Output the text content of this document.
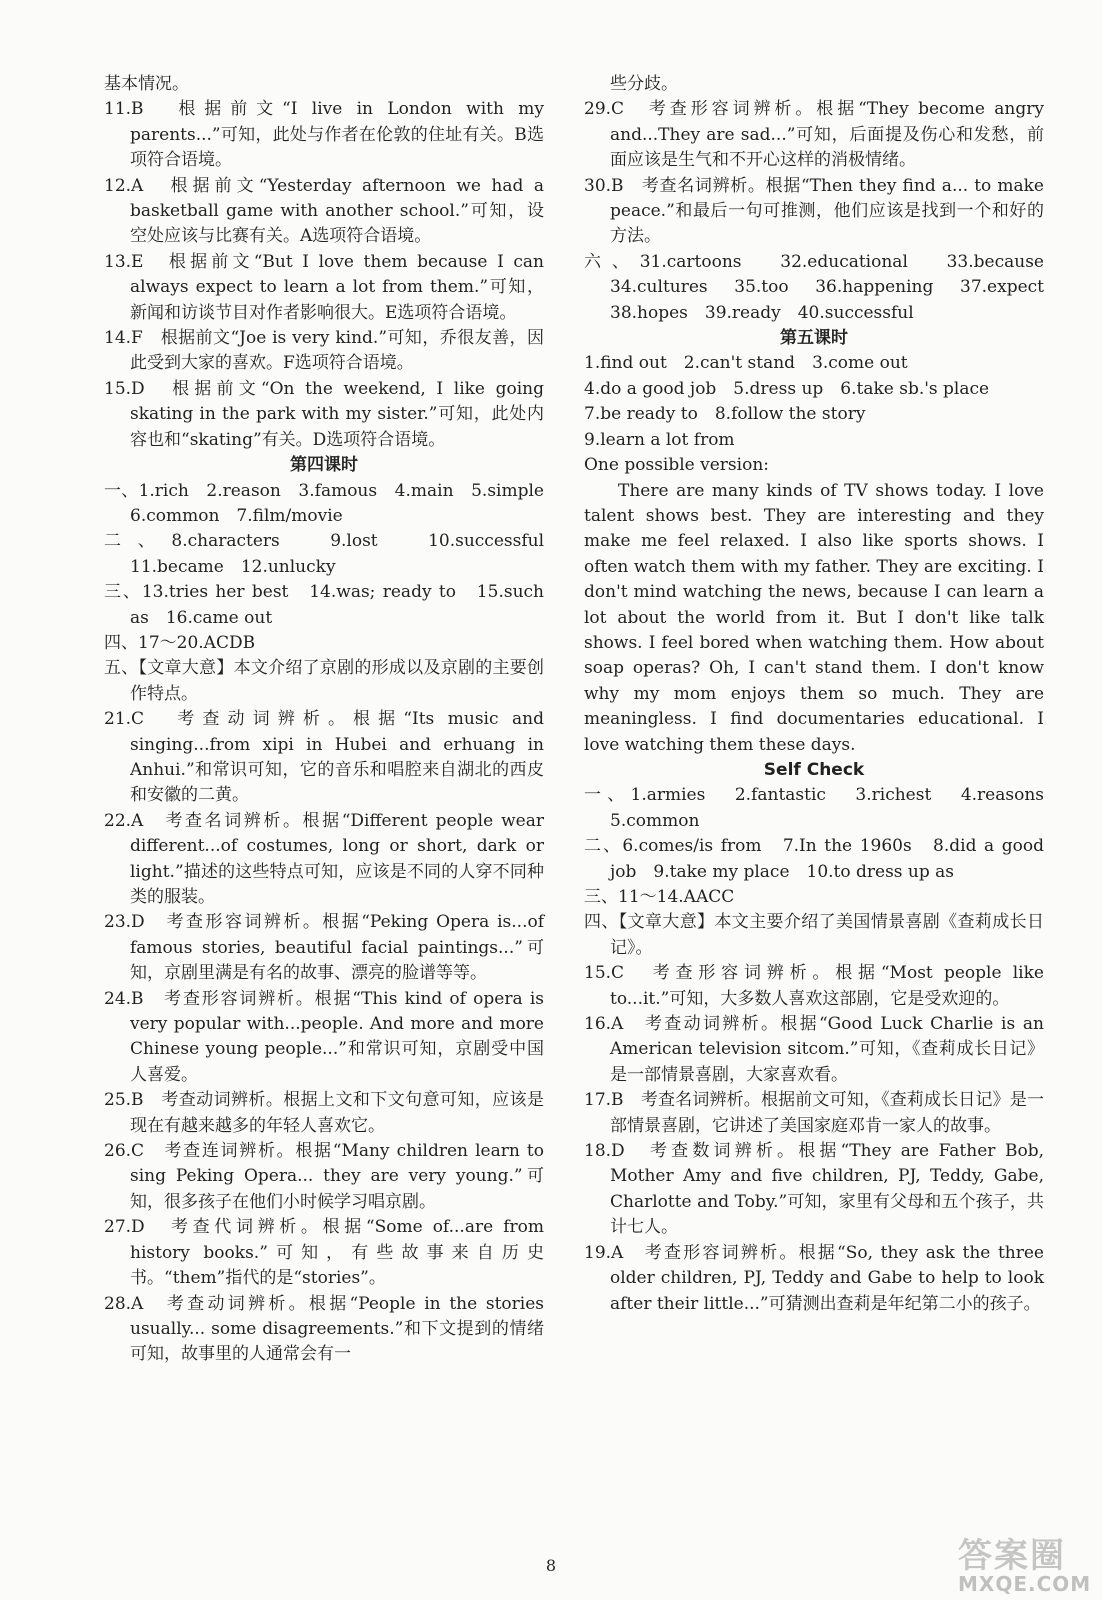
基本情况。
11.B　根据前文“I live in London with my parents...”可知，此处与作者在伦敦的住址有关。B选项符合语境。
12.A　根据前文“Yesterday afternoon we had a basketball game with another school.”可知，设空处应该与比赛有关。A选项符合语境。
13.E　根据前文“But I love them because I can always expect to learn a lot from them.”可知，新闻和访谈节目对作者影响很大。E选项符合语境。
14.F　根据前文“Joe is very kind.”可知，乔很友善，因此受到大家的喜欢。F选项符合语境。
15.D　根据前文“On the weekend, I like going skating in the park with my sister.”可知，此处内容也和“skating”有关。D选项符合语境。
第四课时
一、1.rich　2.reason　3.famous　4.main　5.simple　6.common　7.film/movie
二、8.characters　9.lost　10.successful　11.became　12.unlucky
三、13.tries her best　14.was; ready to　15.such as　16.came out
四、17～20.ACDB
五、【文章大意】本文介绍了京剧的形成以及京剧的主要创作特点。
21.C　考查动词辨析。根据“Its music and singing...from xipi in Hubei and erhuang in Anhui.”和常识可知，它的音乐和唱腔来自湖北的西皮和安徽的二黄。
22.A　考查名词辨析。根据“Different people wear different...of costumes, long or short, dark or light.”描述的这些特点可知，应该是不同的人穿不同种类的服装。
23.D　考查形容词辨析。根据“Peking Opera is...of famous stories, beautiful facial paintings...”可知，京剧里满是有名的故事、漂亮的脸谱等等。
24.B　考查形容词辨析。根据“This kind of opera is very popular with...people. And more and more Chinese young people...”和常识可知，京剧受中国人喜爱。
25.B　考查动词辨析。根据上文和下文句意可知，应该是现在有越来越多的年轻人喜欢它。
26.C　考查连词辨析。根据“Many children learn to sing Peking Opera... they are very young.”可知，很多孩子在他们小时候学习唱京剧。
27.D　考查代词辨析。根据“Some of...are from history books.”可知，有些故事来自历史书。“them”指代的是“stories”。
28.A　考查动词辨析。根据“People in the stories usually... some disagreements.”和下文提到的情绪可知，故事里的人通常会有一
些分歧。
29.C　考查形容词辨析。根据“They become angry and...They are sad...”可知，后面提及伤心和发愁，前面应该是生气和不开心这样的消极情绪。
30.B　考查名词辨析。根据“Then they find a... to make peace.”和最后一句可推测，他们应该是找到一个和好的方法。
六、31.cartoons　32.educational　33.because　34.cultures　35.too　36.happening　37.expect　38.hopes　39.ready　40.successful
第五课时
1.find out　2.can't stand　3.come out
4.do a good job　5.dress up　6.take sb.'s place
7.be ready to　8.follow the story
9.learn a lot from
One possible version:
There are many kinds of TV shows today. I love talent shows best. They are interesting and they make me feel relaxed. I also like sports shows. I often watch them with my father. They are exciting. I don't mind watching the news, because I can learn a lot about the world from it. But I don't like talk shows. I feel bored when watching them. How about soap operas? Oh, I can't stand them. I don't know why my mom enjoys them so much. They are meaningless. I find documentaries educational. I love watching them these days.
Self Check
一、1.armies　2.fantastic　3.richest　4.reasons　5.common
二、6.comes/is from　7.In the 1960s　8.did a good job　9.take my place　10.to dress up as
三、11～14.AACC
四、【文章大意】本文主要介绍了美国情景喜剧《查莉成长日记》。
15.C　考查形容词辨析。根据“Most people like to...it.”可知，大多数人喜欢这部剧，它是受欢迎的。
16.A　考查动词辨析。根据“Good Luck Charlie is an American television sitcom.”可知，《查莉成长日记》是一部情景喜剧，大家喜欢看。
17.B　考查名词辨析。根据前文可知，《查莉成长日记》是一部情景喜剧，它讲述了美国家庭邓肯一家人的故事。
18.D　考查数词辨析。根据“They are Father Bob, Mother Amy and five children, PJ, Teddy, Gabe, Charlotte and Toby.”可知，家里有父母和五个孩子，共计七人。
19.A　考查形容词辨析。根据“So, they ask the three older children, PJ, Teddy and Gabe to help to look after their little...”可猜测出查莉是年纪第二小的孩子。
8	答案圈
MXQE.COM
